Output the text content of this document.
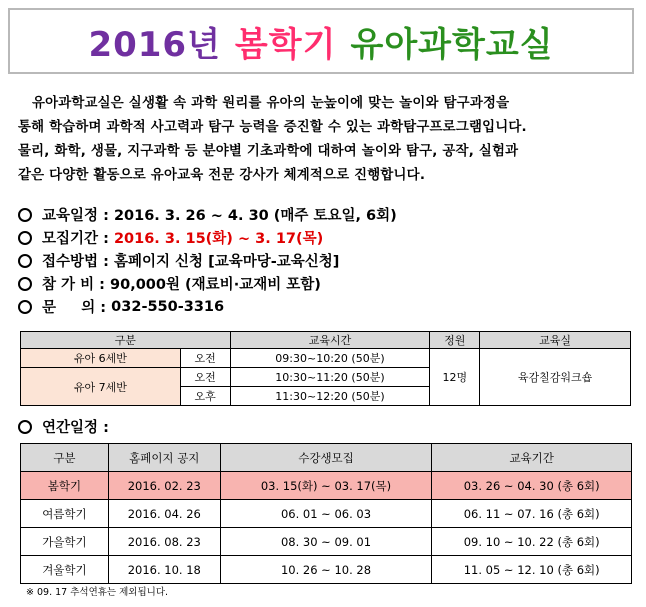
2016년 봄학기 유아과학교실
유아과학교실은 실생활 속 과학 원리를 유아의 눈높이에 맞는 놀이와 탐구과정을
통해 학습하며 과학적 사고력과 탐구 능력을 증진할 수 있는 과학탐구프로그램입니다.
물리, 화학, 생물, 지구과학 등 분야별 기초과학에 대하여 놀이와 탐구, 공작, 실험과
같은 다양한 활동으로 유아교육 전문 강사가 체계적으로 진행합니다.
교육일정 :
2016. 3. 26 ~ 4. 30 (매주 토요일, 6회)
모집기간 :
2016. 3. 15(화) ~ 3. 17(목)
접수방법 :
홈페이지 신청 [교육마당-교육신청]
참 가 비 :
90,000원 (재료비·교재비 포함)
문     의 :
032-550-3316
구분		교육시간	정원	교육실
유아 6세반	오전	09:30~10:20 (50분)	12명	육감칠감워크숍
유아 7세반	오전	10:30~11:20 (50분)		
	오후	11:30~12:20 (50분)		
연간일정 :
구분	홈페이지 공지	수강생모집	교육기간
봄학기	2016. 02. 23	03. 15(화) ~ 03. 17(목)	03. 26 ~ 04. 30 (총 6회)
여름학기	2016. 04. 26	06. 01 ~ 06. 03	06. 11 ~ 07. 16 (총 6회)
가을학기	2016. 08. 23	08. 30 ~ 09. 01	09. 10 ~ 10. 22 (총 6회)
겨울학기	2016. 10. 18	10. 26 ~ 10. 28	11. 05 ~ 12. 10 (총 6회)
※ 09. 17 추석연휴는 제외됩니다.
